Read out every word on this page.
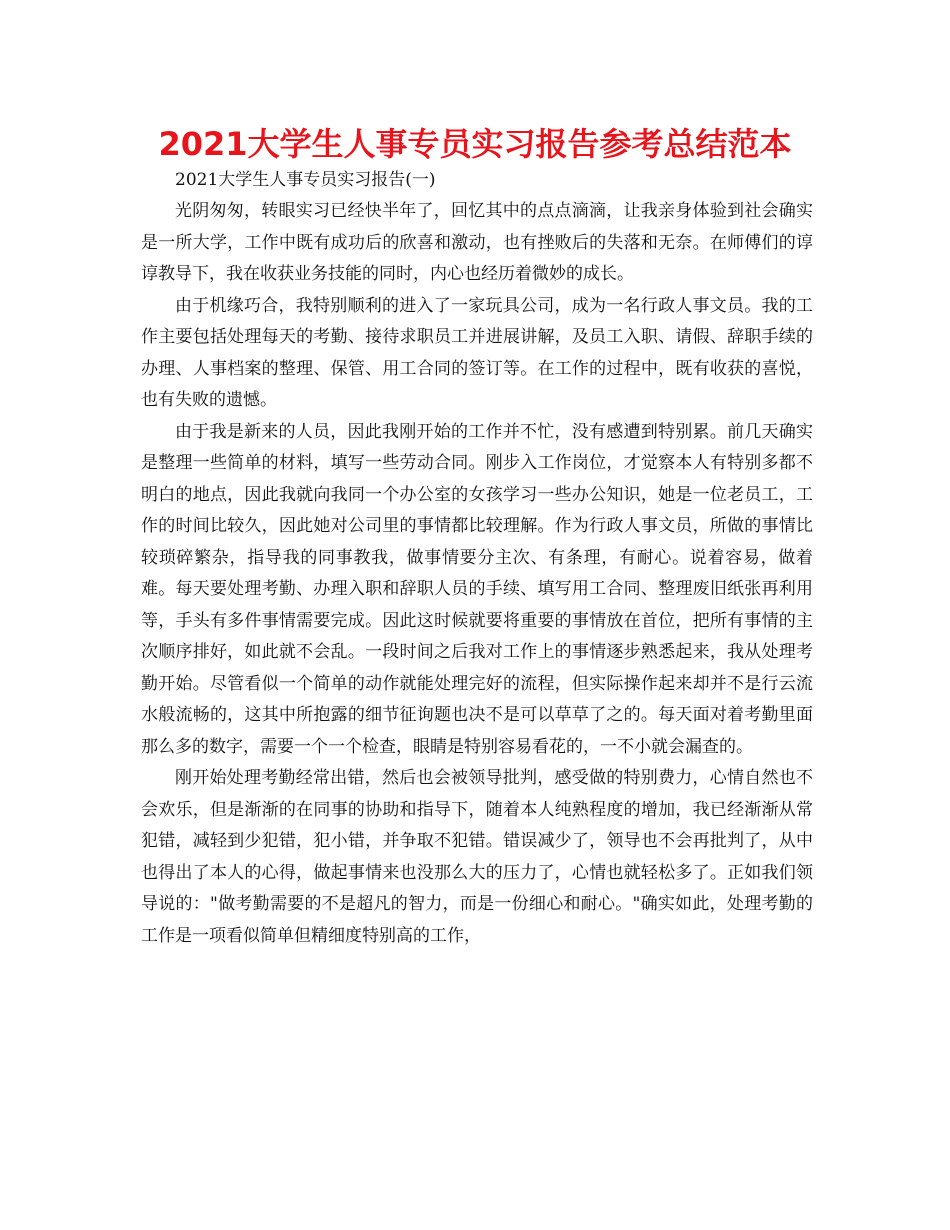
2021大学生人事专员实习报告参考总结范本

2021大学生人事专员实习报告(一)

光阴匆匆，转眼实习已经快半年了，回忆其中的点点滴滴，让我亲身体验到社会确实是一所大学，工作中既有成功后的欣喜和激动，也有挫败后的失落和无奈。在师傅们的谆谆教导下，我在收获业务技能的同时，内心也经历着微妙的成长。

由于机缘巧合，我特别顺利的进入了一家玩具公司，成为一名行政人事文员。我的工作主要包括处理每天的考勤、接待求职员工并进展讲解，及员工入职、请假、辞职手续的办理、人事档案的整理、保管、用工合同的签订等。在工作的过程中，既有收获的喜悦，也有失败的遗憾。

由于我是新来的人员，因此我刚开始的工作并不忙，没有感遭到特别累。前几天确实是整理一些简单的材料，填写一些劳动合同。刚步入工作岗位，才觉察本人有特别多都不明白的地点，因此我就向我同一个办公室的女孩学习一些办公知识，她是一位老员工，工作的时间比较久，因此她对公司里的事情都比较理解。作为行政人事文员，所做的事情比较琐碎繁杂，指导我的同事教我，做事情要分主次、有条理，有耐心。说着容易，做着难。每天要处理考勤、办理入职和辞职人员的手续、填写用工合同、整理废旧纸张再利用等，手头有多件事情需要完成。因此这时候就要将重要的事情放在首位，把所有事情的主次顺序排好，如此就不会乱。一段时间之后我对工作上的事情逐步熟悉起来，我从处理考勤开始。尽管看似一个简单的动作就能处理完好的流程，但实际操作起来却并不是行云流水般流畅的，这其中所抱露的细节征询题也决不是可以草草了之的。每天面对着考勤里面那么多的数字，需要一个一个检查，眼睛是特别容易看花的，一不小就会漏查的。

刚开始处理考勤经常出错，然后也会被领导批判，感受做的特别费力，心情自然也不会欢乐，但是渐渐的在同事的协助和指导下，随着本人纯熟程度的增加，我已经渐渐从常犯错，减轻到少犯错，犯小错，并争取不犯错。错误减少了，领导也不会再批判了，从中也得出了本人的心得，做起事情来也没那么大的压力了，心情也就轻松多了。正如我们领导说的："做考勤需要的不是超凡的智力，而是一份细心和耐心。"确实如此，处理考勤的工作是一项看似简单但精细度特别高的工作，
